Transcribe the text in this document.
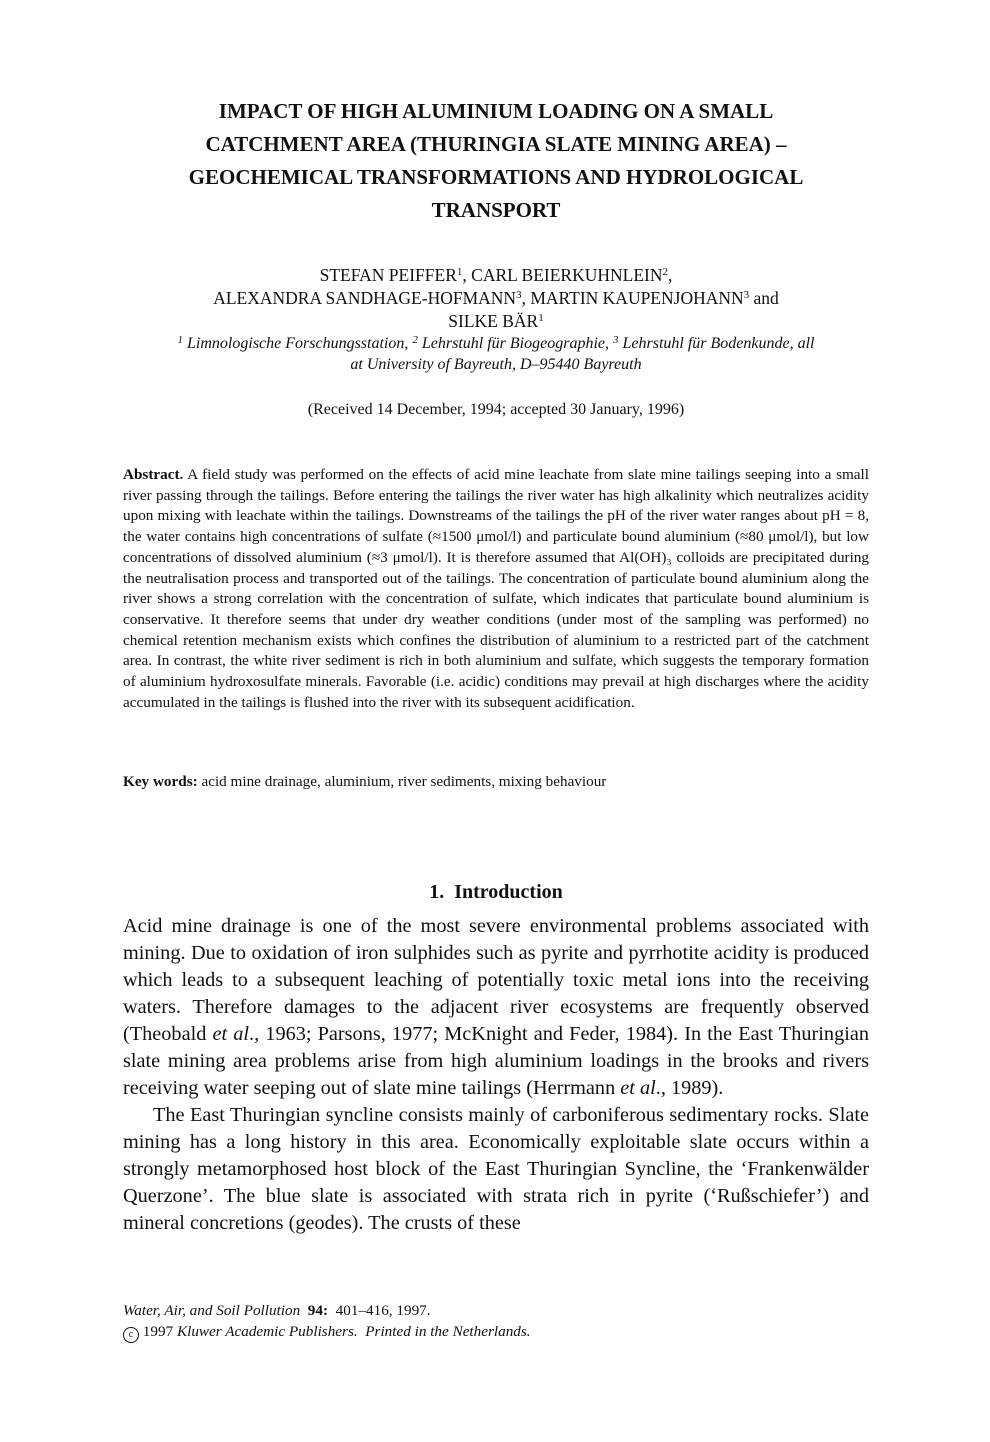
IMPACT OF HIGH ALUMINIUM LOADING ON A SMALL
CATCHMENT AREA (THURINGIA SLATE MINING AREA) –
GEOCHEMICAL TRANSFORMATIONS AND HYDROLOGICAL
TRANSPORT
STEFAN PEIFFER$^1$, CARL BEIERKUHNLEIN$^2$,
ALEXANDRA SANDHAGE-HOFMANN$^3$, MARTIN KAUPENJOHANN$^3$ and
SILKE BÄR$^1$
$^1$ Limnologische Forschungsstation, $^2$ Lehrstuhl für Biogeographie, $^3$ Lehrstuhl für Bodenkunde, all
at University of Bayreuth, D–95440 Bayreuth
(Received 14 December, 1994; accepted 30 January, 1996)
Abstract. A field study was performed on the effects of acid mine leachate from slate mine tailings seeping into a small river passing through the tailings. Before entering the tailings the river water has high alkalinity which neutralizes acidity upon mixing with leachate within the tailings. Downstreams of the tailings the pH of the river water ranges about pH = 8, the water contains high concentrations of sulfate (≈1500 μmol/l) and particulate bound aluminium (≈80 μmol/l), but low concentrations of dissolved aluminium (≈3 μmol/l). It is therefore assumed that Al(OH)₃ colloids are precipitated during the neutralisation process and transported out of the tailings. The concentration of particulate bound aluminium along the river shows a strong correlation with the concentration of sulfate, which indicates that particulate bound aluminium is conservative. It therefore seems that under dry weather conditions (under most of the sampling was performed) no chemical retention mechanism exists which confines the distribution of aluminium to a restricted part of the catchment area. In contrast, the white river sediment is rich in both aluminium and sulfate, which suggests the temporary formation of aluminium hydroxosulfate minerals. Favorable (i.e. acidic) conditions may prevail at high discharges where the acidity accumulated in the tailings is flushed into the river with its subsequent acidification.
Key words: acid mine drainage, aluminium, river sediments, mixing behaviour
1. Introduction

Acid mine drainage is one of the most severe environmental problems associated with mining. Due to oxidation of iron sulphides such as pyrite and pyrrhotite acidity is produced which leads to a subsequent leaching of potentially toxic metal ions into the receiving waters. Therefore damages to the adjacent river ecosystems are frequently observed (Theobald et al., 1963; Parsons, 1977; McKnight and Feder, 1984). In the East Thuringian slate mining area problems arise from high aluminium loadings in the brooks and rivers receiving water seeping out of slate mine tailings (Herrmann et al., 1989).

The East Thuringian syncline consists mainly of carboniferous sedimentary rocks. Slate mining has a long history in this area. Economically exploitable slate occurs within a strongly metamorphosed host block of the East Thuringian Syncline, the ‘Frankenwälder Querzone’. The blue slate is associated with strata rich in pyrite (‘Rußschiefer’) and mineral concretions (geodes). The crusts of these

Water, Air, and Soil Pollution 94: 401–416, 1997.
c 1997 Kluwer Academic Publishers. Printed in the Netherlands.
